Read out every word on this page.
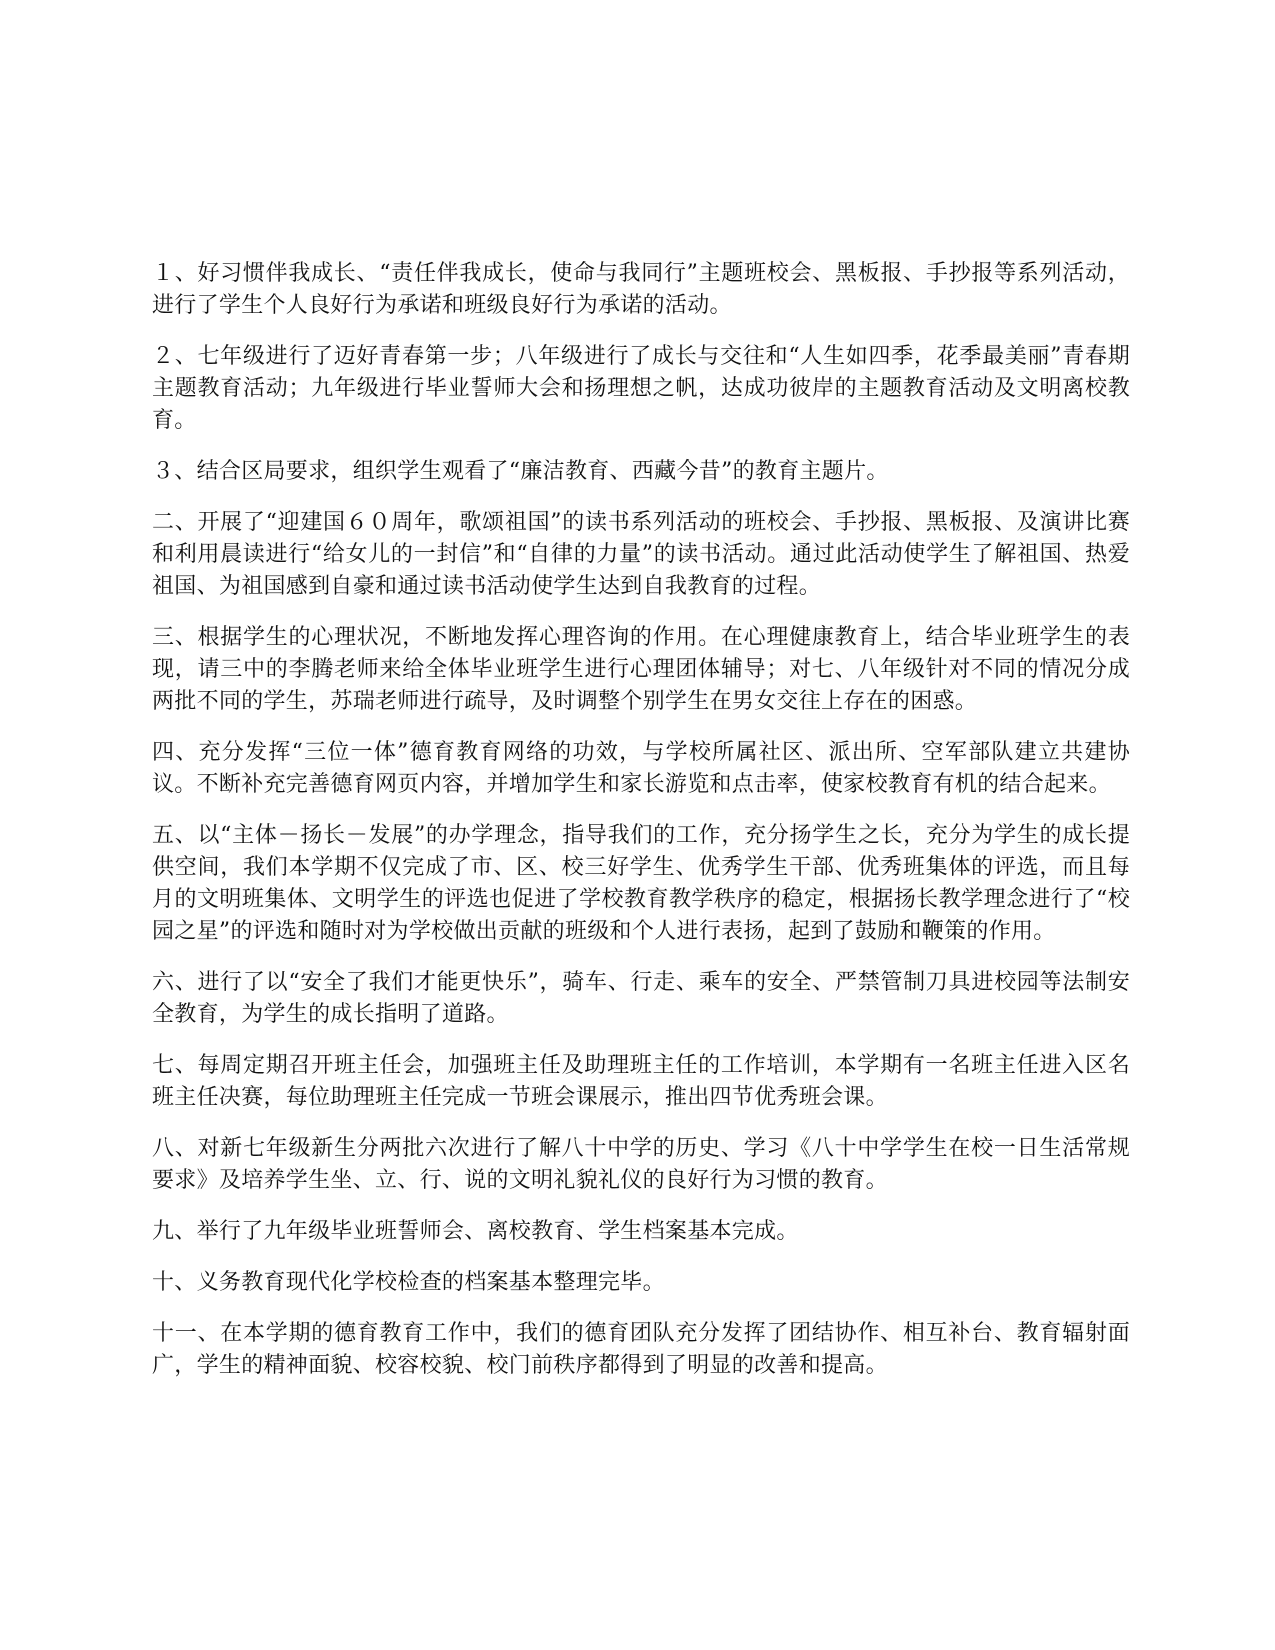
１、好习惯伴我成长、“责任伴我成长，使命与我同行”主题班校会、黑板报、手抄报等系列活动，进行了学生个人良好行为承诺和班级良好行为承诺的活动。

２、七年级进行了迈好青春第一步；八年级进行了成长与交往和“人生如四季，花季最美丽”青春期主题教育活动；九年级进行毕业誓师大会和扬理想之帆，达成功彼岸的主题教育活动及文明离校教育。

３、结合区局要求，组织学生观看了“廉洁教育、西藏今昔”的教育主题片。

二、开展了“迎建国６０周年，歌颂祖国”的读书系列活动的班校会、手抄报、黑板报、及演讲比赛和利用晨读进行“给女儿的一封信”和“自律的力量”的读书活动。通过此活动使学生了解祖国、热爱祖国、为祖国感到自豪和通过读书活动使学生达到自我教育的过程。

三、根据学生的心理状况，不断地发挥心理咨询的作用。在心理健康教育上，结合毕业班学生的表现，请三中的李腾老师来给全体毕业班学生进行心理团体辅导；对七、八年级针对不同的情况分成两批不同的学生，苏瑞老师进行疏导，及时调整个别学生在男女交往上存在的困惑。

四、充分发挥“三位一体”德育教育网络的功效，与学校所属社区、派出所、空军部队建立共建协议。不断补充完善德育网页内容，并增加学生和家长游览和点击率，使家校教育有机的结合起来。

五、以“主体－扬长－发展”的办学理念，指导我们的工作，充分扬学生之长，充分为学生的成长提供空间，我们本学期不仅完成了市、区、校三好学生、优秀学生干部、优秀班集体的评选，而且每月的文明班集体、文明学生的评选也促进了学校教育教学秩序的稳定，根据扬长教学理念进行了“校园之星”的评选和随时对为学校做出贡献的班级和个人进行表扬，起到了鼓励和鞭策的作用。

六、进行了以“安全了我们才能更快乐”，骑车、行走、乘车的安全、严禁管制刀具进校园等法制安全教育，为学生的成长指明了道路。

七、每周定期召开班主任会，加强班主任及助理班主任的工作培训，本学期有一名班主任进入区名班主任决赛，每位助理班主任完成一节班会课展示，推出四节优秀班会课。

八、对新七年级新生分两批六次进行了解八十中学的历史、学习《八十中学学生在校一日生活常规要求》及培养学生坐、立、行、说的文明礼貌礼仪的良好行为习惯的教育。

九、举行了九年级毕业班誓师会、离校教育、学生档案基本完成。

十、义务教育现代化学校检查的档案基本整理完毕。

十一、在本学期的德育教育工作中，我们的德育团队充分发挥了团结协作、相互补台、教育辐射面广，学生的精神面貌、校容校貌、校门前秩序都得到了明显的改善和提高。
